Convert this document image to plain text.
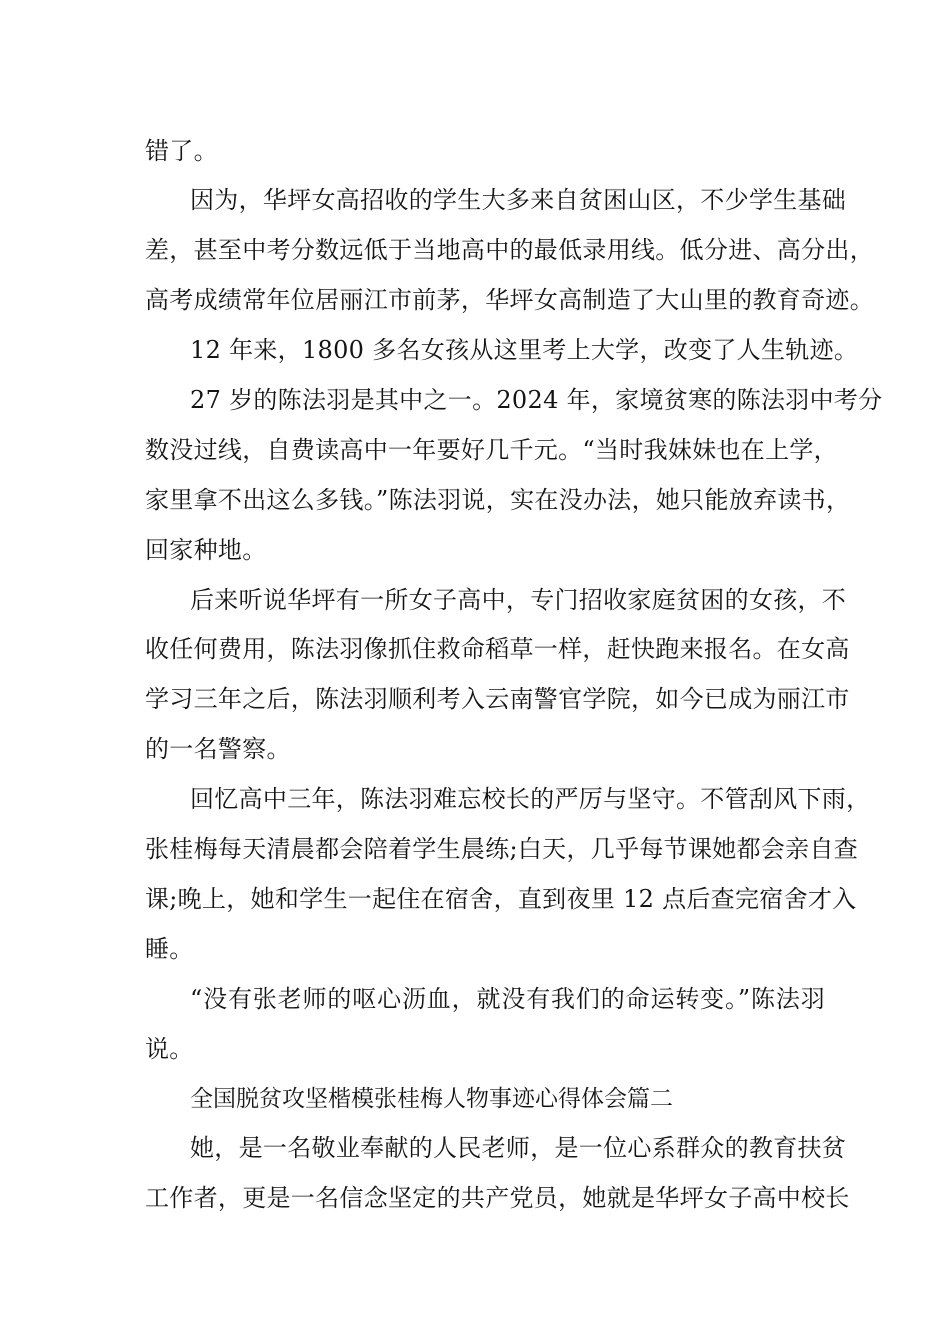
错了。
因为，华坪女高招收的学生大多来自贫困山区，不少学生基础
差，甚至中考分数远低于当地高中的最低录用线。低分进、高分出，
高考成绩常年位居丽江市前茅，华坪女高制造了大山里的教育奇迹。
12 年来，1800 多名女孩从这里考上大学，改变了人生轨迹。
27 岁的陈法羽是其中之一。2024 年，家境贫寒的陈法羽中考分
数没过线，自费读高中一年要好几千元。“当时我妹妹也在上学，
家里拿不出这么多钱。”陈法羽说，实在没办法，她只能放弃读书，
回家种地。
后来听说华坪有一所女子高中，专门招收家庭贫困的女孩，不
收任何费用，陈法羽像抓住救命稻草一样，赶快跑来报名。在女高
学习三年之后，陈法羽顺利考入云南警官学院，如今已成为丽江市
的一名警察。
回忆高中三年，陈法羽难忘校长的严厉与坚守。不管刮风下雨，
张桂梅每天清晨都会陪着学生晨练;白天，几乎每节课她都会亲自查
课;晚上，她和学生一起住在宿舍，直到夜里 12 点后查完宿舍才入
睡。
“没有张老师的呕心沥血，就没有我们的命运转变。”陈法羽
说。
全国脱贫攻坚楷模张桂梅人物事迹心得体会篇二
她，是一名敬业奉献的人民老师，是一位心系群众的教育扶贫
工作者，更是一名信念坚定的共产党员，她就是华坪女子高中校长
